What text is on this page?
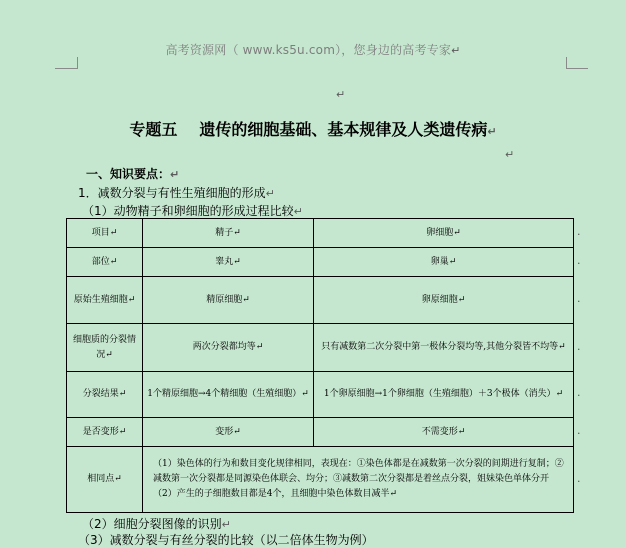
高考资源网（ www.ks5u.com），您身边的高考专家↵
↵
专题五 遗传的细胞基础、基本规律及人类遗传病↵
↵
一、知识要点：↵
1．减数分裂与有性生殖细胞的形成↵
（1）动物精子和卵细胞的形成过程比较↵
项目↵	精子↵	卵细胞↵
部位↵	睾丸↵	卵巢↵
原始生殖细胞↵	精原细胞↵	卵原细胞↵
细胞质的分裂情况↵	两次分裂都均等↵	只有减数第二次分裂中第一极体分裂均等,其他分裂皆不均等↵
分裂结果↵	1个精原细胞→4个精细胞（生殖细胞）↵	1个卵原细胞→1个卵细胞（生殖细胞）＋3个极体（消失）↵
是否变形↵	变形↵	不需变形↵
相同点↵	（1）染色体的行为和数目变化规律相同，表现在：①染色体都是在减数第一次分裂的间期进行复制；②减数第一次分裂都是同源染色体联会、均分；③减数第二次分裂都是着丝点分裂，姐妹染色单体分开（2）产生的子细胞数目都是4个，且细胞中染色体数目减半↵	
.
.
.
.
.
.
.
（2）细胞分裂图像的识别↵
（3）减数分裂与有丝分裂的比较（以二倍体生物为例）
